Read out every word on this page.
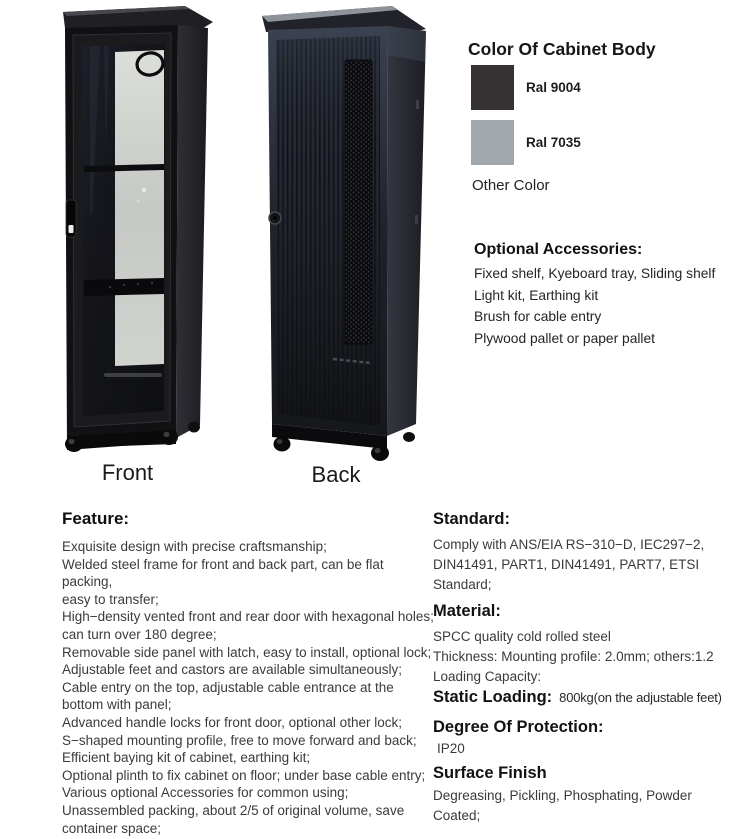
Front	Back
Color Of Cabinet Body
Ral 9004
Ral 7035
Other Color
Optional Accessories:
Fixed shelf, Kyeboard tray, Sliding shelf
Light kit, Earthing kit
Brush for cable entry
Plywood pallet or paper pallet
Feature:
Exquisite design with precise craftsmanship;
Welded steel frame for front and back part, can be flat packing,
easy to transfer;
High−density vented front and rear door with hexagonal holes;
can turn over 180 degree;
Removable side panel with latch, easy to install, optional lock;
Adjustable feet and castors are available simultaneously;
Cable entry on the top, adjustable cable entrance at the
bottom with panel;
Advanced handle locks for front door, optional other lock;
S−shaped mounting profile, free to move forward and back;
Efficient baying kit of cabinet, earthing kit;
Optional plinth to fix cabinet on floor; under base cable entry;
Various optional Accessories for common using;
Unassembled packing, about 2/5 of original volume, save
container space;
Standard:
Comply with ANS/EIA RS−310−D, IEC297−2,
DIN41491, PART1, DIN41491, PART7, ETSI
Standard;
Material:
SPCC quality cold rolled steel
Thickness: Mounting profile: 2.0mm; others:1.2
Loading Capacity:
Static Loading: 800kg(on the adjustable feet)
Degree Of Protection:
IP20
Surface Finish
Degreasing, Pickling, Phosphating, Powder
Coated;
